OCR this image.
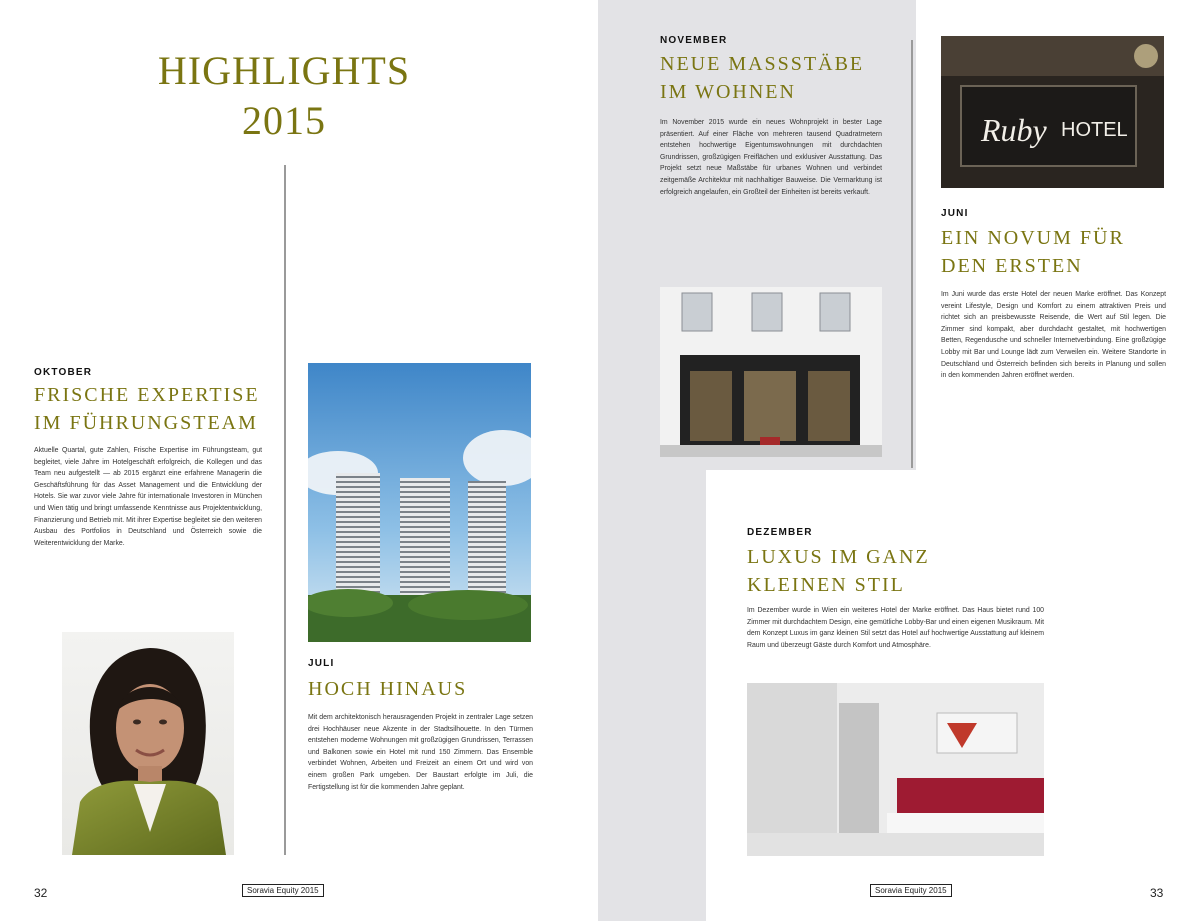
HIGHLIGHTS
2015
OKTOBER
FRISCHE EXPERTISE
IM FÜHRUNGSTEAM
Aktuelle Quartal, gute Zahlen, Frische Expertise im Führungsteam, gut begleitet, viele Jahre im Hotelgeschäft erfolgreich, die Kollegen und das Team neu aufgestellt — ab 2015 ergänzt eine erfahrene Managerin die Geschäftsführung für das Asset Management und die Entwicklung der Hotels. Sie war zuvor viele Jahre für internationale Investoren in München und Wien tätig und bringt umfassende Kenntnisse aus Projektentwicklung, Finanzierung und Betrieb mit. Mit ihrer Expertise begleitet sie den weiteren Ausbau des Portfolios in Deutschland und Österreich sowie die Weiterentwicklung der Marke.
JULI
HOCH HINAUS
Mit dem architektonisch herausragenden Projekt in zentraler Lage setzen drei Hochhäuser neue Akzente in der Stadtsilhouette. In den Türmen entstehen moderne Wohnungen mit großzügigen Grundrissen, Terrassen und Balkonen sowie ein Hotel mit rund 150 Zimmern. Das Ensemble verbindet Wohnen, Arbeiten und Freizeit an einem Ort und wird von einem großen Park umgeben. Der Baustart erfolgte im Juli, die Fertigstellung ist für die kommenden Jahre geplant.
32	Soravia Equity 2015
NOVEMBER
NEUE MASSSTÄBE
IM WOHNEN
Im November 2015 wurde ein neues Wohnprojekt in bester Lage präsentiert. Auf einer Fläche von mehreren tausend Quadratmetern entstehen hochwertige Eigentumswohnungen mit durchdachten Grundrissen, großzügigen Freiflächen und exklusiver Ausstattung. Das Projekt setzt neue Maßstäbe für urbanes Wohnen und verbindet zeitgemäße Architektur mit nachhaltiger Bauweise. Die Vermarktung ist erfolgreich angelaufen, ein Großteil der Einheiten ist bereits verkauft.
Ruby HOTEL
JUNI
EIN NOVUM FÜR
DEN ERSTEN
Im Juni wurde das erste Hotel der neuen Marke eröffnet. Das Konzept vereint Lifestyle, Design und Komfort zu einem attraktiven Preis und richtet sich an preisbewusste Reisende, die Wert auf Stil legen. Die Zimmer sind kompakt, aber durchdacht gestaltet, mit hochwertigen Betten, Regendusche und schneller Internetverbindung. Eine großzügige Lobby mit Bar und Lounge lädt zum Verweilen ein. Weitere Standorte in Deutschland und Österreich befinden sich bereits in Planung und sollen in den kommenden Jahren eröffnet werden.
DEZEMBER
LUXUS IM GANZ
KLEINEN STIL
Im Dezember wurde in Wien ein weiteres Hotel der Marke eröffnet. Das Haus bietet rund 100 Zimmer mit durchdachtem Design, eine gemütliche Lobby-Bar und einen eigenen Musikraum. Mit dem Konzept Luxus im ganz kleinen Stil setzt das Hotel auf hochwertige Ausstattung auf kleinem Raum und überzeugt Gäste durch Komfort und Atmosphäre.
Soravia Equity 2015	33
